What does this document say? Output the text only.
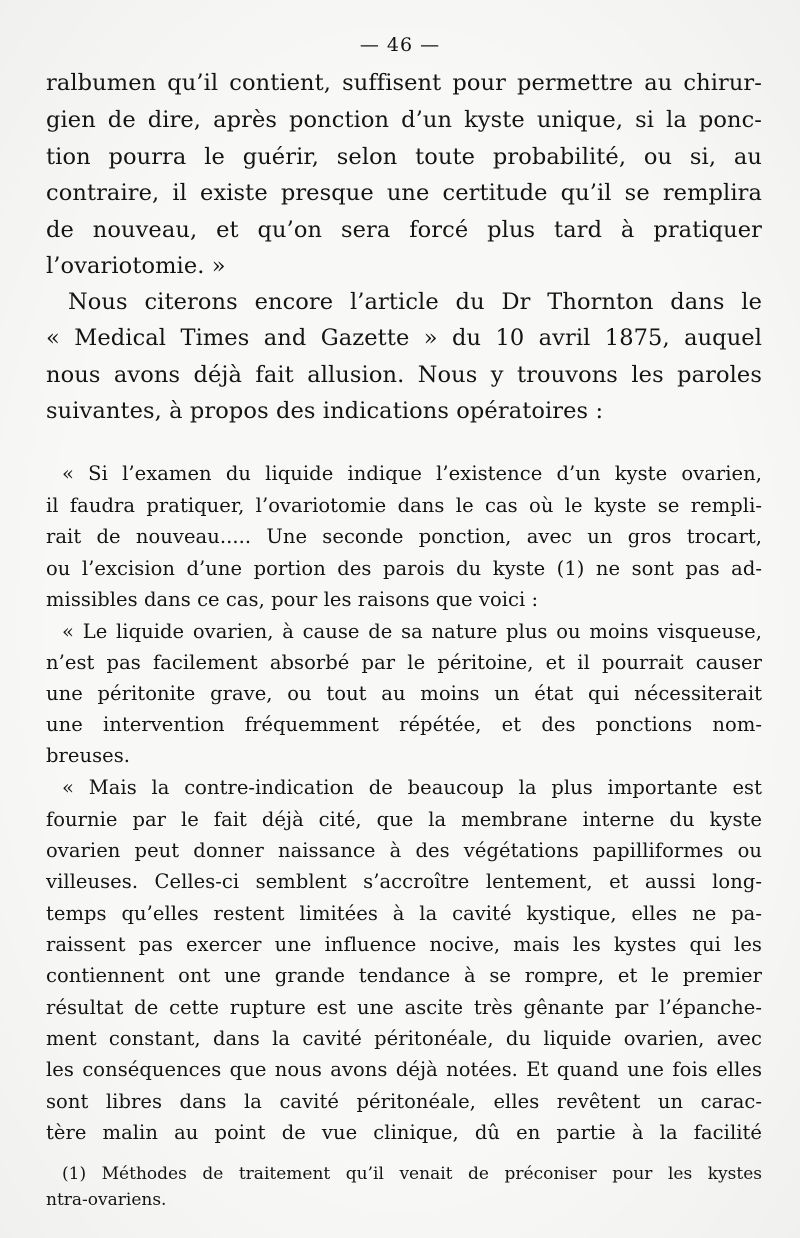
— 46 —
ralbumen qu’il contient, suffisent pour permettre au chirur-
gien de dire, après ponction d’un kyste unique, si la ponc-
tion pourra le guérir, selon toute probabilité, ou si, au
contraire, il existe presque une certitude qu’il se remplira
de nouveau, et qu’on sera forcé plus tard à pratiquer
l’ovariotomie. »
Nous citerons encore l’article du Dr Thornton dans le
« Medical Times and Gazette » du 10 avril 1875, auquel
nous avons déjà fait allusion. Nous y trouvons les paroles
suivantes, à propos des indications opératoires :
« Si l’examen du liquide indique l’existence d’un kyste ovarien,
il faudra pratiquer, l’ovariotomie dans le cas où le kyste se rempli-
rait de nouveau..... Une seconde ponction, avec un gros trocart,
ou l’excision d’une portion des parois du kyste (1) ne sont pas ad-
missibles dans ce cas, pour les raisons que voici :
« Le liquide ovarien, à cause de sa nature plus ou moins visqueuse,
n’est pas facilement absorbé par le péritoine, et il pourrait causer
une péritonite grave, ou tout au moins un état qui nécessiterait
une intervention fréquemment répétée, et des ponctions nom-
breuses.
« Mais la contre-indication de beaucoup la plus importante est
fournie par le fait déjà cité, que la membrane interne du kyste
ovarien peut donner naissance à des végétations papilliformes ou
villeuses. Celles-ci semblent s’accroître lentement, et aussi long-
temps qu’elles restent limitées à la cavité kystique, elles ne pa-
raissent pas exercer une influence nocive, mais les kystes qui les
contiennent ont une grande tendance à se rompre, et le premier
résultat de cette rupture est une ascite très gênante par l’épanche-
ment constant, dans la cavité péritonéale, du liquide ovarien, avec
les conséquences que nous avons déjà notées. Et quand une fois elles
sont libres dans la cavité péritonéale, elles revêtent un carac-
tère malin au point de vue clinique, dû en partie à la facilité
(1) Méthodes de traitement qu’il venait de préconiser pour les kystes
ntra-ovariens.
